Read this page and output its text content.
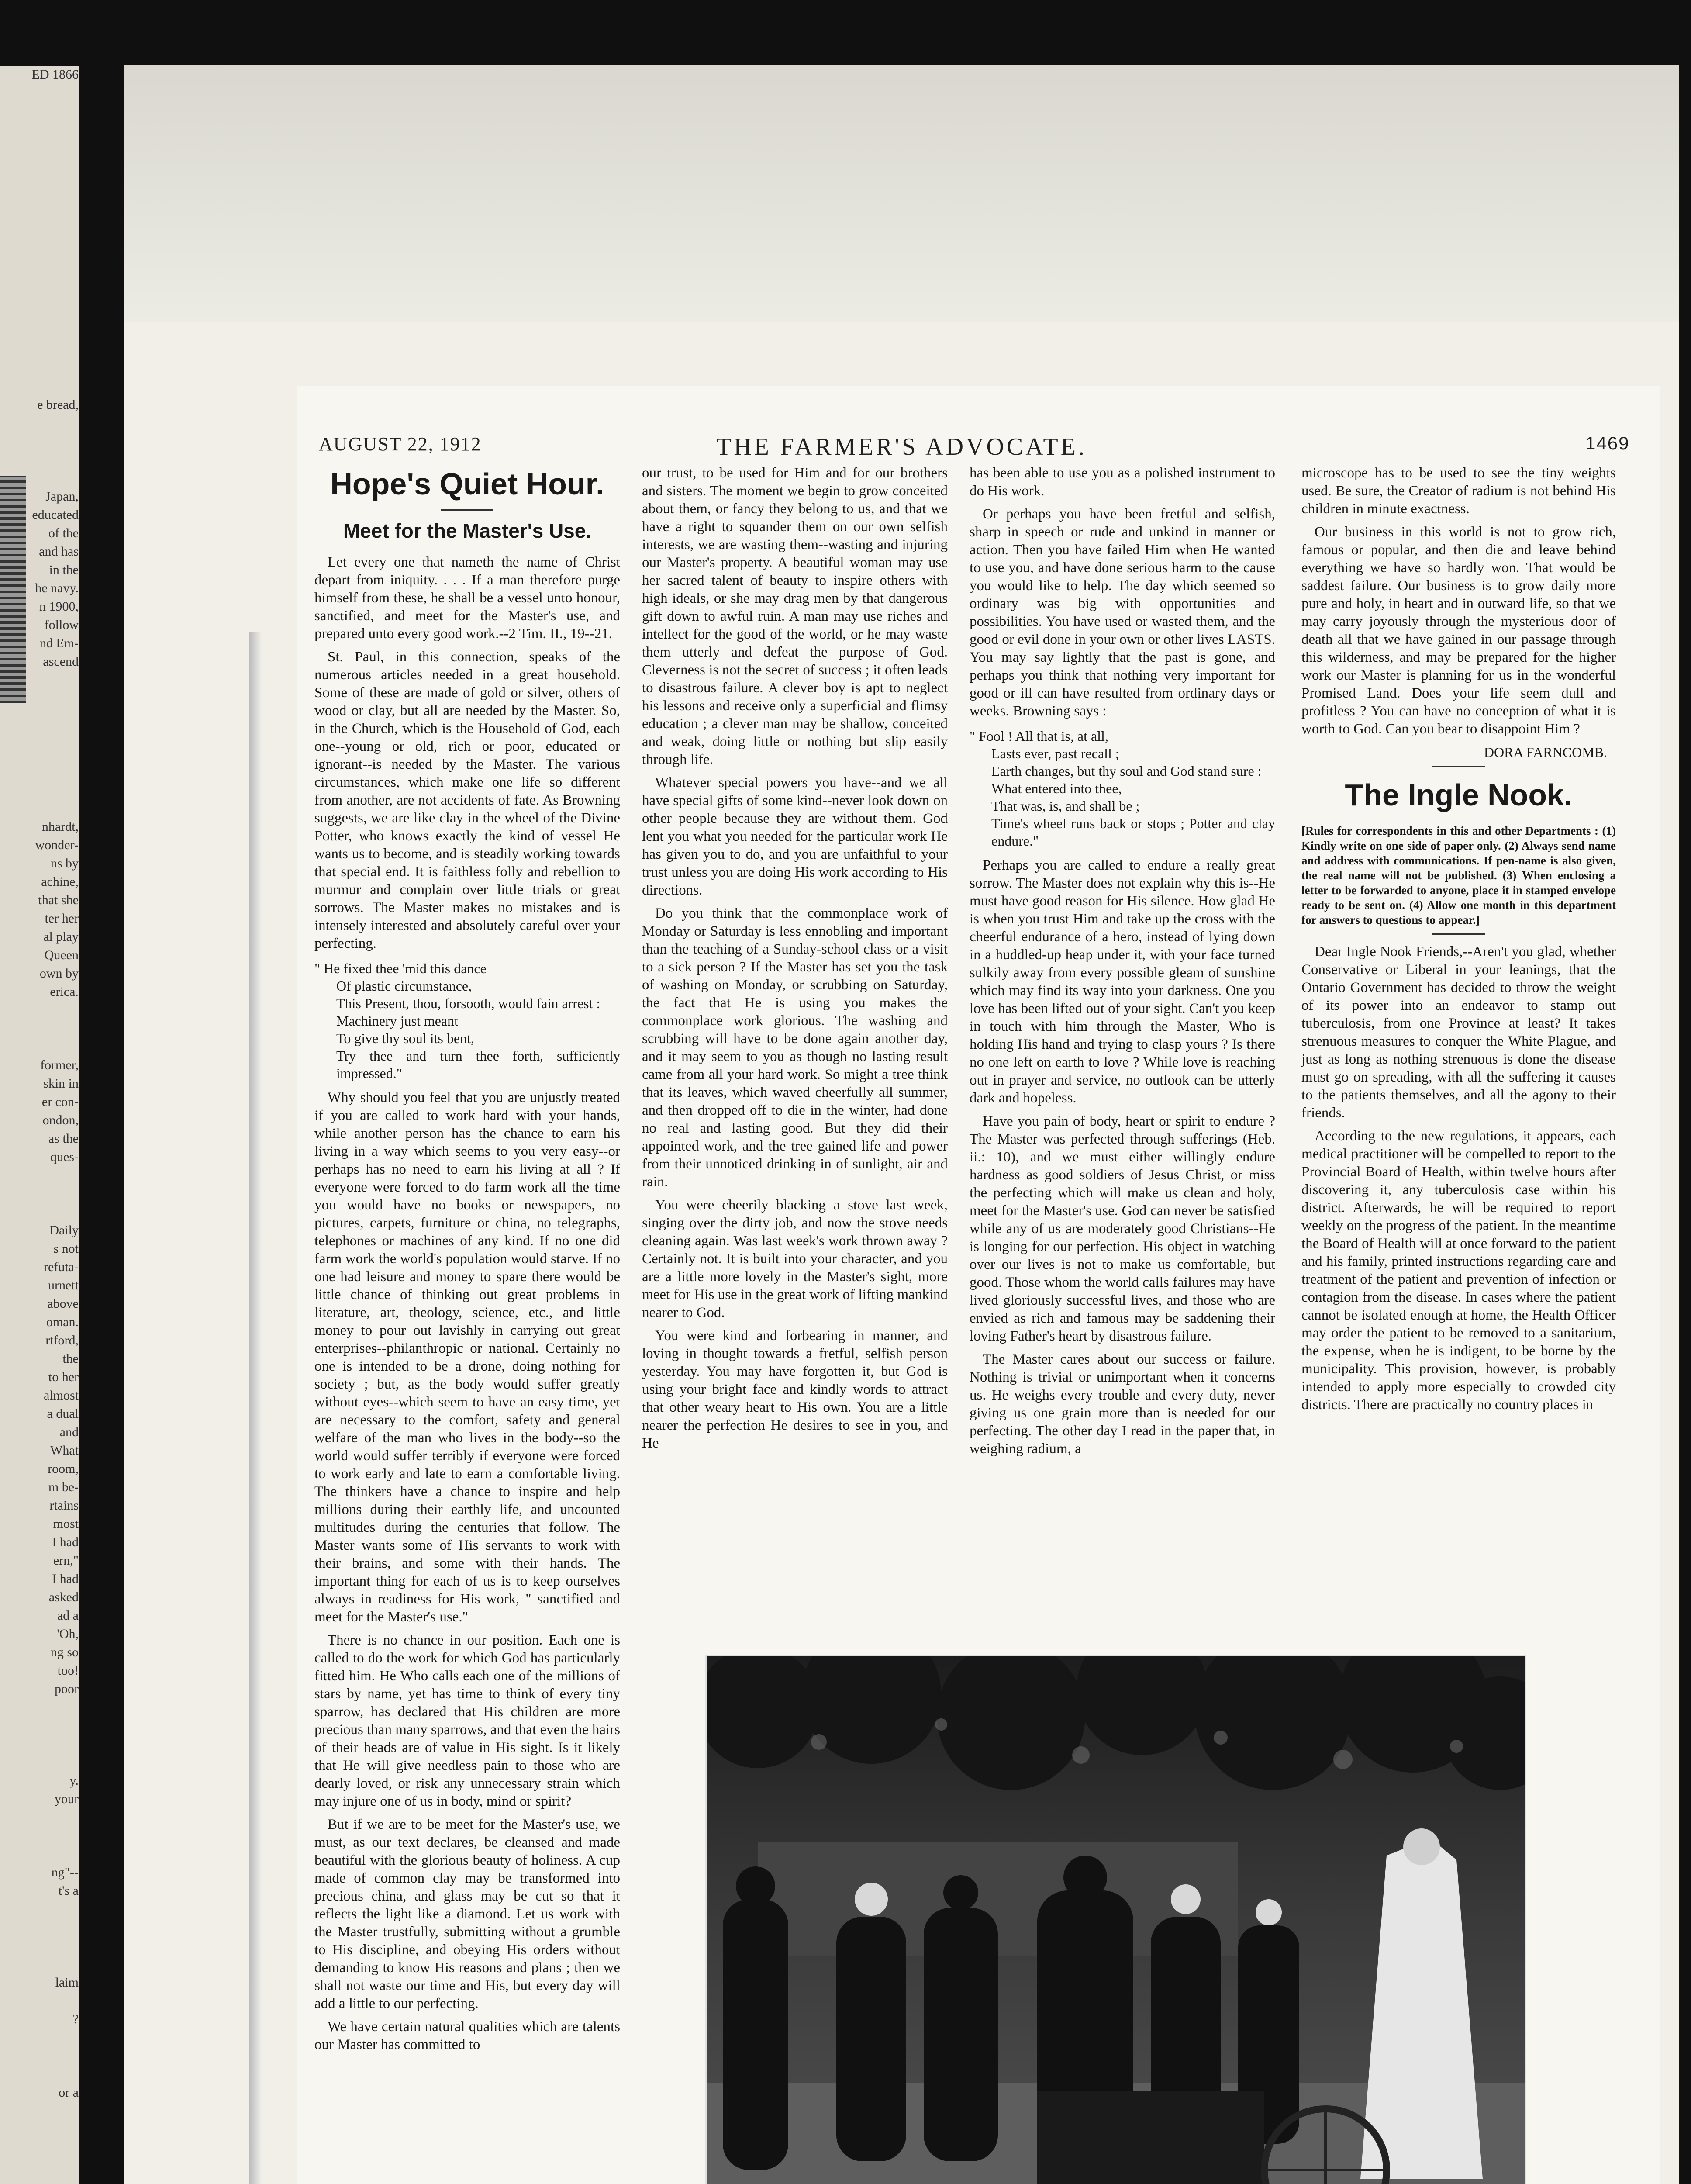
ED 1866
e bread,
Japan,
educated
of the
and has
in the
he navy.
n 1900,
follow
nd Em-
ascend
nhardt,
wonder-
ns by
achine,
that she
ter her
al play
Queen
own by
erica.
former,
skin in
er con-
ondon,
as the
ques-
Daily
s not
refuta-
urnett
above
oman.
rtford,
the
to her
almost
a dual
and
What
room,
m be-
rtains
most
I had
ern,"
I had
asked
ad a
'Oh,
ng so
too!
poor
y.
your
ng"--
t's a
laim
?
or a
AUGUST 22, 1912	THE FARMER'S ADVOCATE.	1469
Hope's Quiet Hour.
Meet for the Master's Use.

Let every one that nameth the name of Christ depart from iniquity. . . . If a man therefore purge himself from these, he shall be a vessel unto honour, sanctified, and meet for the Master's use, and prepared unto every good work.--2 Tim. II., 19--21.

St. Paul, in this connection, speaks of the numerous articles needed in a great household. Some of these are made of gold or silver, others of wood or clay, but all are needed by the Master. So, in the Church, which is the Household of God, each one--young or old, rich or poor, educated or ignorant--is needed by the Master. The various circumstances, which make one life so different from another, are not accidents of fate. As Browning suggests, we are like clay in the wheel of the Divine Potter, who knows exactly the kind of vessel He wants us to become, and is steadily working towards that special end. It is faithless folly and rebellion to murmur and complain over little trials or great sorrows. The Master makes no mistakes and is intensely interested and absolutely careful over your perfecting.

" He fixed thee 'mid this dance
Of plastic circumstance,
This Present, thou, forsooth, would fain arrest :
Machinery just meant
To give thy soul its bent,
Try thee and turn thee forth, sufficiently impressed."

Why should you feel that you are unjustly treated if you are called to work hard with your hands, while another person has the chance to earn his living in a way which seems to you very easy--or perhaps has no need to earn his living at all ? If everyone were forced to do farm work all the time you would have no books or newspapers, no pictures, carpets, furniture or china, no telegraphs, telephones or machines of any kind. If no one did farm work the world's population would starve. If no one had leisure and money to spare there would be little chance of thinking out great problems in literature, art, theology, science, etc., and little money to pour out lavishly in carrying out great enterprises--philanthropic or national. Certainly no one is intended to be a drone, doing nothing for society ; but, as the body would suffer greatly without eyes--which seem to have an easy time, yet are necessary to the comfort, safety and general welfare of the man who lives in the body--so the world would suffer terribly if everyone were forced to work early and late to earn a comfortable living. The thinkers have a chance to inspire and help millions during their earthly life, and uncounted multitudes during the centuries that follow. The Master wants some of His servants to work with their brains, and some with their hands. The important thing for each of us is to keep ourselves always in readiness for His work, " sanctified and meet for the Master's use."

There is no chance in our position. Each one is called to do the work for which God has particularly fitted him. He Who calls each one of the millions of stars by name, yet has time to think of every tiny sparrow, has declared that His children are more precious than many sparrows, and that even the hairs of their heads are of value in His sight. Is it likely that He will give needless pain to those who are dearly loved, or risk any unnecessary strain which may injure one of us in body, mind or spirit?

But if we are to be meet for the Master's use, we must, as our text declares, be cleansed and made beautiful with the glorious beauty of holiness. A cup made of common clay may be transformed into precious china, and glass may be cut so that it reflects the light like a diamond. Let us work with the Master trustfully, submitting without a grumble to His discipline, and obeying His orders without demanding to know His reasons and plans ; then we shall not waste our time and His, but every day will add a little to our perfecting.

We have certain natural qualities which are talents our Master has committed to

our trust, to be used for Him and for our brothers and sisters. The moment we begin to grow conceited about them, or fancy they belong to us, and that we have a right to squander them on our own selfish interests, we are wasting them--wasting and injuring our Master's property. A beautiful woman may use her sacred talent of beauty to inspire others with high ideals, or she may drag men by that dangerous gift down to awful ruin. A man may use riches and intellect for the good of the world, or he may waste them utterly and defeat the purpose of God. Cleverness is not the secret of success ; it often leads to disastrous failure. A clever boy is apt to neglect his lessons and receive only a superficial and flimsy education ; a clever man may be shallow, conceited and weak, doing little or nothing but slip easily through life.

Whatever special powers you have--and we all have special gifts of some kind--never look down on other people because they are without them. God lent you what you needed for the particular work He has given you to do, and you are unfaithful to your trust unless you are doing His work according to His directions.

Do you think that the commonplace work of Monday or Saturday is less ennobling and important than the teaching of a Sunday-school class or a visit to a sick person ? If the Master has set you the task of washing on Monday, or scrubbing on Saturday, the fact that He is using you makes the commonplace work glorious. The washing and scrubbing will have to be done again another day, and it may seem to you as though no lasting result came from all your hard work. So might a tree think that its leaves, which waved cheerfully all summer, and then dropped off to die in the winter, had done no real and lasting good. But they did their appointed work, and the tree gained life and power from their unnoticed drinking in of sunlight, air and rain.

You were cheerily blacking a stove last week, singing over the dirty job, and now the stove needs cleaning again. Was last week's work thrown away ? Certainly not. It is built into your character, and you are a little more lovely in the Master's sight, more meet for His use in the great work of lifting mankind nearer to God.

You were kind and forbearing in manner, and loving in thought towards a fretful, selfish person yesterday. You may have forgotten it, but God is using your bright face and kindly words to attract that other weary heart to His own. You are a little nearer the perfection He desires to see in you, and He

has been able to use you as a polished instrument to do His work.

Or perhaps you have been fretful and selfish, sharp in speech or rude and unkind in manner or action. Then you have failed Him when He wanted to use you, and have done serious harm to the cause you would like to help. The day which seemed so ordinary was big with opportunities and possibilities. You have used or wasted them, and the good or evil done in your own or other lives LASTS. You may say lightly that the past is gone, and perhaps you think that nothing very important for good or ill can have resulted from ordinary days or weeks. Browning says :

" Fool ! All that is, at all,
Lasts ever, past recall ;
Earth changes, but thy soul and God stand sure :
What entered into thee,
That was, is, and shall be ;
Time's wheel runs back or stops ; Potter and clay endure."

Perhaps you are called to endure a really great sorrow. The Master does not explain why this is--He must have good reason for His silence. How glad He is when you trust Him and take up the cross with the cheerful endurance of a hero, instead of lying down in a huddled-up heap under it, with your face turned sulkily away from every possible gleam of sunshine which may find its way into your darkness. One you love has been lifted out of your sight. Can't you keep in touch with him through the Master, Who is holding His hand and trying to clasp yours ? Is there no one left on earth to love ? While love is reaching out in prayer and service, no outlook can be utterly dark and hopeless.

Have you pain of body, heart or spirit to endure ? The Master was perfected through sufferings (Heb. ii.: 10), and we must either willingly endure hardness as good soldiers of Jesus Christ, or miss the perfecting which will make us clean and holy, meet for the Master's use. God can never be satisfied while any of us are moderately good Christians--He is longing for our perfection. His object in watching over our lives is not to make us comfortable, but good. Those whom the world calls failures may have lived gloriously successful lives, and those who are envied as rich and famous may be saddening their loving Father's heart by disastrous failure.

The Master cares about our success or failure. Nothing is trivial or unimportant when it concerns us. He weighs every trouble and every duty, never giving us one grain more than is needed for our perfecting. The other day I read in the paper that, in weighing radium, a

microscope has to be used to see the tiny weights used. Be sure, the Creator of radium is not behind His children in minute exactness.

Our business in this world is not to grow rich, famous or popular, and then die and leave behind everything we have so hardly won. That would be saddest failure. Our business is to grow daily more pure and holy, in heart and in outward life, so that we may carry joyously through the mysterious door of death all that we have gained in our passage through this wilderness, and may be prepared for the higher work our Master is planning for us in the wonderful Promised Land. Does your life seem dull and profitless ? You can have no conception of what it is worth to God. Can you bear to disappoint Him ?

DORA FARNCOMB.
The Ingle Nook.
[Rules for correspondents in this and other Departments : (1) Kindly write on one side of paper only. (2) Always send name and address with communications. If pen-name is also given, the real name will not be published. (3) When enclosing a letter to be forwarded to anyone, place it in stamped envelope ready to be sent on. (4) Allow one month in this department for answers to questions to appear.]

Dear Ingle Nook Friends,--Aren't you glad, whether Conservative or Liberal in your leanings, that the Ontario Government has decided to throw the weight of its power into an endeavor to stamp out tuberculosis, from one Province at least? It takes strenuous measures to conquer the White Plague, and just as long as nothing strenuous is done the disease must go on spreading, with all the suffering it causes to the patients themselves, and all the agony to their friends.

According to the new regulations, it appears, each medical practitioner will be compelled to report to the Provincial Board of Health, within twelve hours after discovering it, any tuberculosis case within his district. Afterwards, he will be required to report weekly on the progress of the patient. In the meantime the Board of Health will at once forward to the patient and his family, printed instructions regarding care and treatment of the patient and prevention of infection or contagion from the disease. In cases where the patient cannot be isolated enough at home, the Health Officer may order the patient to be removed to a sanitarium, the expense, when he is indigent, to be borne by the municipality. This provision, however, is probably intended to apply more especially to crowded city districts. There are practically no country places in
